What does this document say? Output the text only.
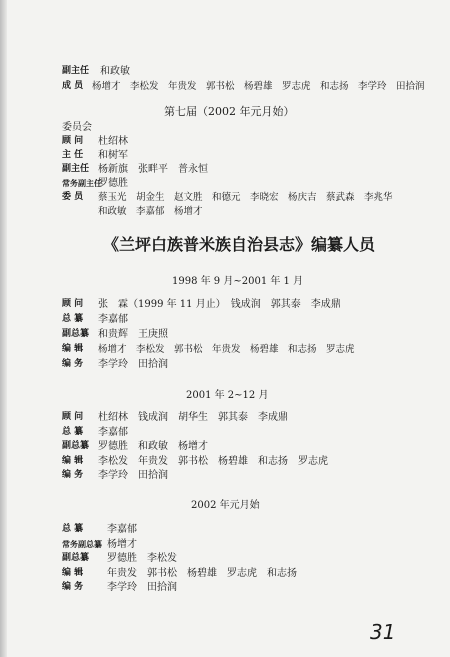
副主任	和政敏
成 员 杨增才　李松发　年贵发　郭书松　杨碧雄　罗志虎　和志扬　李学玲　田拾润
第七届（2002 年元月始）
委员会
顾 问 杜绍林
主 任 和树军
副主任 杨新旗　张畔平　普永恒
常务副主任
罗德胜
委 员 蔡玉光　胡金生　赵文胜　和德元　李晓宏　杨庆吉　蔡武森　李兆华
和政敏　李嘉郁　杨增才
《兰坪白族普米族自治县志》编纂人员
1998 年 9 月~2001 年 1 月
顾 问 张　霖（1999 年 11 月止）　钱成润　郭其泰　李成鼎
总 纂 李嘉郁
副总纂 和贵辉　王庚照
编 辑 杨增才　李松发　郭书松　年贵发　杨碧雄　和志扬　罗志虎
编 务 李学玲　田拾润
2001 年 2~12 月
顾 问 杜绍林　钱成润　胡华生　郭其泰　李成鼎
总 纂 李嘉郁
副总纂 罗德胜　和政敏　杨增才
编 辑 李松发　年贵发　郭书松　杨碧雄　和志扬　罗志虎
编 务 李学玲　田拾润
2002 年元月始
总 纂 李嘉郁
常务副总纂 杨增才
副总纂 罗德胜　李松发
编 辑 年贵发　郭书松　杨碧雄　罗志虎　和志扬
编 务 李学玲　田拾润
31
